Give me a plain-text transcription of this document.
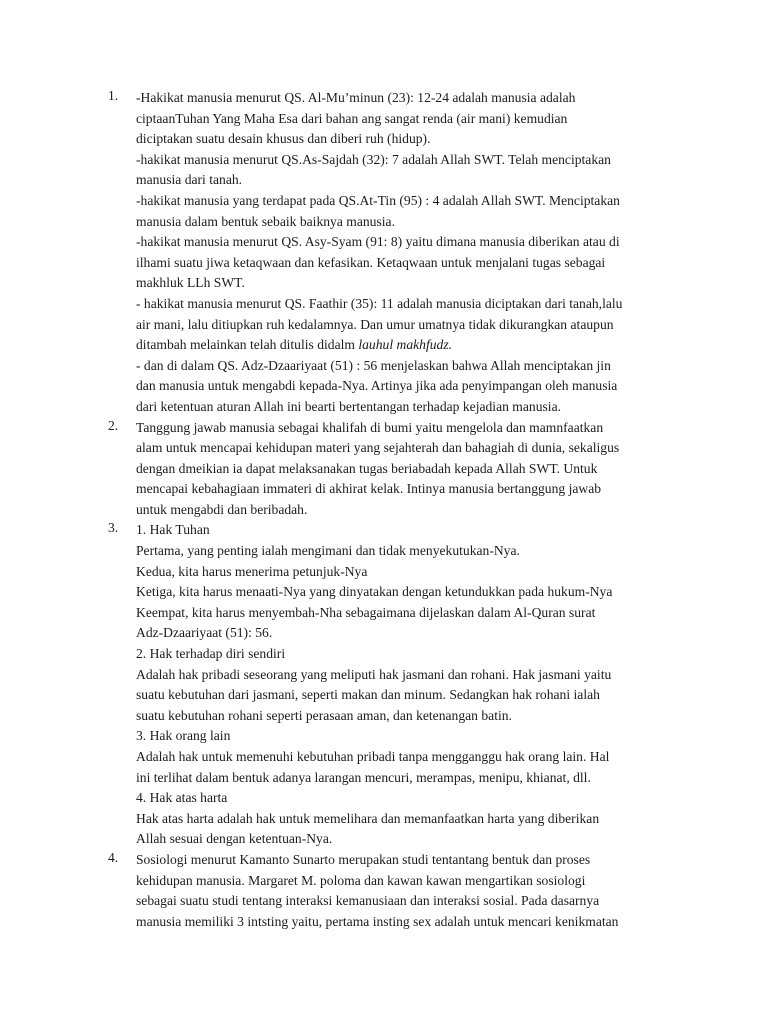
1.	-Hakikat manusia menurut QS. Al-Mu’minun (23): 12-24 adalah manusia adalah
ciptaanTuhan Yang Maha Esa dari bahan ang sangat renda (air mani) kemudian
diciptakan suatu desain khusus dan diberi ruh (hidup).
-hakikat manusia menurut QS.As-Sajdah (32): 7 adalah Allah SWT. Telah menciptakan
manusia dari tanah.
-hakikat manusia yang terdapat pada QS.At-Tin (95) : 4 adalah Allah SWT. Menciptakan
manusia dalam bentuk sebaik baiknya manusia.
-hakikat manusia menurut QS. Asy-Syam (91: 8) yaitu dimana manusia diberikan atau di
ilhami suatu jiwa ketaqwaan dan kefasikan. Ketaqwaan untuk menjalani tugas sebagai
makhluk LLh SWT.
- hakikat manusia menurut QS. Faathir (35): 11 adalah manusia diciptakan dari tanah,lalu
air mani, lalu ditiupkan ruh kedalamnya. Dan umur umatnya tidak dikurangkan ataupun
ditambah melainkan telah ditulis didalm lauhul makhfudz.
- dan di dalam QS. Adz-Dzaariyaat (51) : 56 menjelaskan bahwa Allah menciptakan jin
dan manusia untuk mengabdi kepada-Nya. Artinya jika ada penyimpangan oleh manusia
dari ketentuan aturan Allah ini bearti bertentangan terhadap kejadian manusia.
2.	Tanggung jawab manusia sebagai khalifah di bumi yaitu mengelola dan mamnfaatkan
alam untuk mencapai kehidupan materi yang sejahterah dan bahagiah di dunia, sekaligus
dengan dmeikian ia dapat melaksanakan tugas beriabadah kepada Allah SWT. Untuk
mencapai kebahagiaan immateri di akhirat kelak. Intinya manusia bertanggung jawab
untuk mengabdi dan beribadah.
3.	1. Hak Tuhan
Pertama, yang penting ialah mengimani dan tidak menyekutukan-Nya.
Kedua, kita harus menerima petunjuk-Nya
Ketiga, kita harus menaati-Nya yang dinyatakan dengan ketundukkan pada hukum-Nya
Keempat, kita harus menyembah-Nha sebagaimana dijelaskan dalam Al-Quran surat
Adz-Dzaariyaat (51): 56.
2. Hak terhadap diri sendiri
Adalah hak pribadi seseorang yang meliputi hak jasmani dan rohani. Hak jasmani yaitu
suatu kebutuhan dari jasmani, seperti makan dan minum. Sedangkan hak rohani ialah
suatu kebutuhan rohani seperti perasaan aman, dan ketenangan batin.
3. Hak orang lain
Adalah hak untuk memenuhi kebutuhan pribadi tanpa mengganggu hak orang lain. Hal
ini terlihat dalam bentuk adanya larangan mencuri, merampas, menipu, khianat, dll.
4. Hak atas harta
Hak atas harta adalah hak untuk memelihara dan memanfaatkan harta yang diberikan
Allah sesuai dengan ketentuan-Nya.
4.	Sosiologi menurut Kamanto Sunarto merupakan studi tentantang bentuk dan proses
kehidupan manusia. Margaret M. poloma dan kawan kawan mengartikan sosiologi
sebagai suatu studi tentang interaksi kemanusiaan dan interaksi sosial. Pada dasarnya
manusia memiliki 3 intsting yaitu, pertama insting sex adalah untuk mencari kenikmatan
